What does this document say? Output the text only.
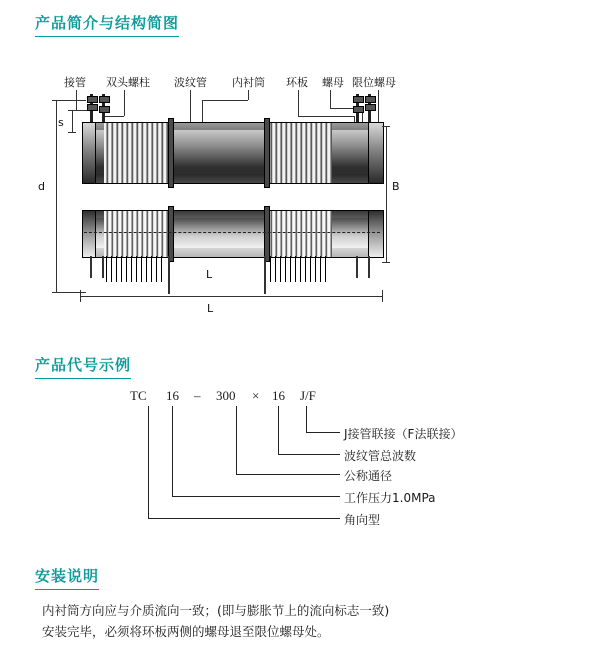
产品简介与结构简图
接管 双头螺柱 波纹管 内衬筒 环板 螺母 限位螺母
s
d	B
L
L
产品代号示例
TC 16 – 300 × 16 J/F
J接管联接（F法联接）
波纹管总波数
公称通径
工作压力1.0MPa
角向型
安装说明
内衬筒方向应与介质流向一致；(即与膨胀节上的流向标志一致)
安装完毕，必须将环板两侧的螺母退至限位螺母处。
